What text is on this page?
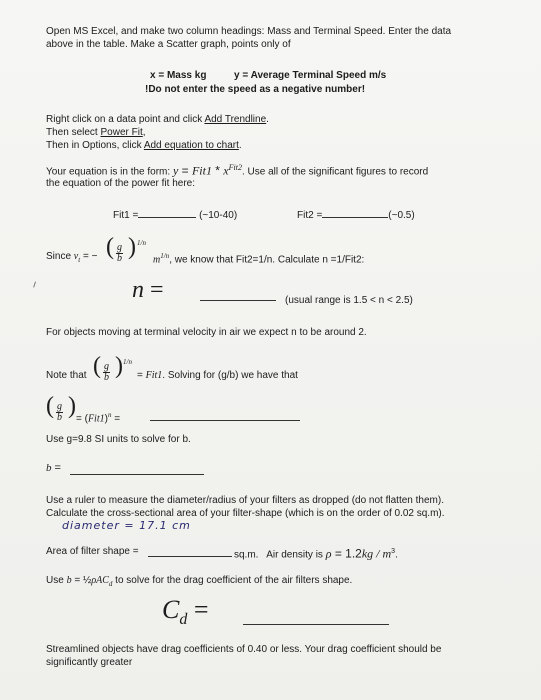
Open MS Excel, and make two column headings: Mass and Terminal Speed. Enter the data
above in the table. Make a Scatter graph, points only of
x = Mass kg	y = Average Terminal Speed m/s
!Do not enter the speed as a negative number!
Right click on a data point and click Add Trendline.
Then select Power Fit,
Then in Options, click Add equation to chart.
Your equation is in the form: $y = Fit1 * x^{Fit2}$. Use all of the significant figures to record
the equation of the power fit here:
Fit1 =	(~10-40)	Fit2 =	(~0.5)
Since $v_t$ = − ( $\frac{g}{b}$ ) 1/n
$m^{1/n}$, we know that Fit2=1/n. Calculate n =1/Fit2:
n =	(usual range is 1.5 < n < 2.5)
For objects moving at terminal velocity in air we expect n to be around 2.
Note that ( $\frac{g}{b}$ ) 1/n
= Fit1. Solving for (g/b) we have that
( $\frac{g}{b}$ ) = $(Fit1)^n$ =
Use g=9.8 SI units to solve for b.
b =
Use a ruler to measure the diameter/radius of your filters as dropped (do not flatten them).
Calculate the cross-sectional area of your filter-shape (which is on the order of 0.02 sq.m).
diameter = 17.1 cm
Area of filter shape =	sq.m. Air density is $\rho = 1.2kg / m^3$.
Use b = ½ρAC$_d$ to solve for the drag coefficient of the air filters shape.
$C_d$ =
Streamlined objects have drag coefficients of 0.40 or less. Your drag coefficient should be
significantly greater
